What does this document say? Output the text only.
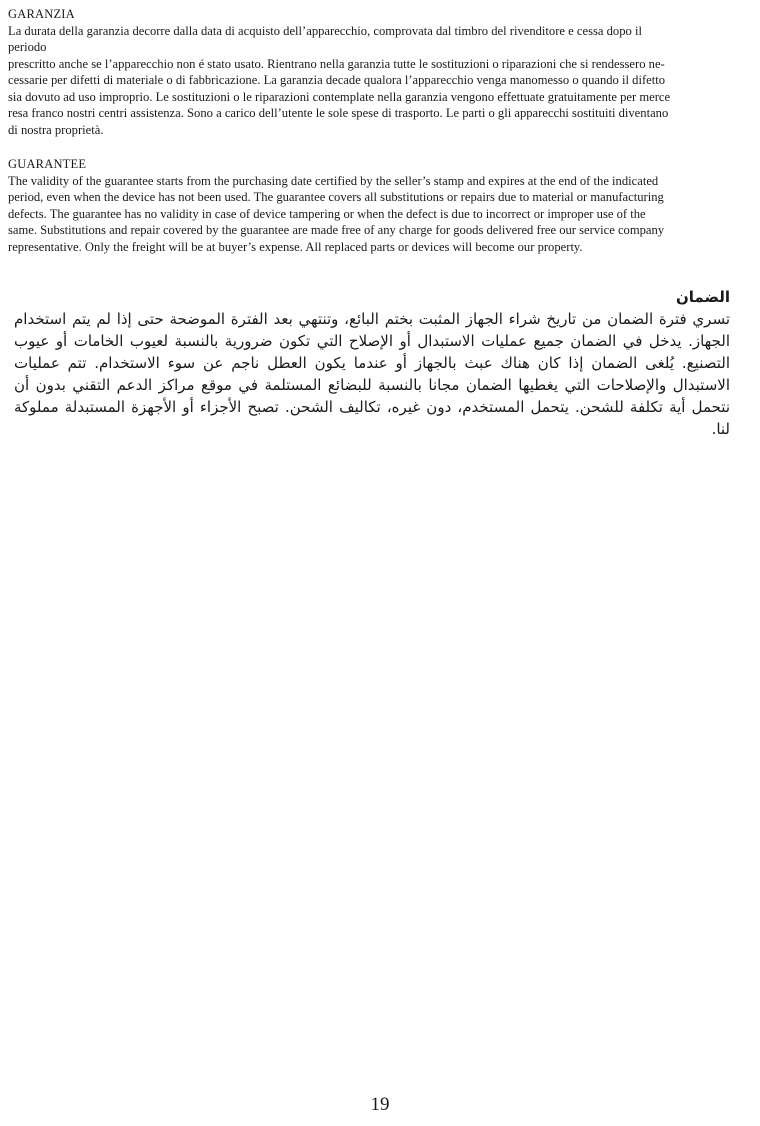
GARANZIA

La durata della garanzia decorre dalla data di acquisto dell’apparecchio, comprovata dal timbro del rivenditore e cessa dopo il
periodo
prescritto anche se l’apparecchio non é stato usato. Rientrano nella garanzia tutte le sostituzioni o riparazioni che si rendessero ne-
cessarie per difetti di materiale o di fabbricazione. La garanzia decade qualora l’apparecchio venga manomesso o quando il difetto
sia dovuto ad uso improprio. Le sostituzioni o le riparazioni contemplate nella garanzia vengono effettuate gratuitamente per merce
resa franco nostri centri assistenza. Sono a carico dell’utente le sole spese di trasporto. Le parti o gli apparecchi sostituiti diventano
di nostra proprietà.

GUARANTEE

The validity of the guarantee starts from the purchasing date certified by the seller’s stamp and expires at the end of the indicated
period, even when the device has not been used. The guarantee covers all substitutions or repairs due to material or manufacturing
defects. The guarantee has no validity in case of device tampering or when the defect is due to incorrect or improper use of the
same. Substitutions and repair covered by the guarantee are made free of any charge for goods delivered free our service company
representative. Only the freight will be at buyer’s expense. All replaced parts or devices will become our property.

الضمان

تسري فترة الضمان من تاريخ شراء الجهاز المثبت بختم البائع، وتنتهي بعد الفترة الموضحة حتى إذا لم يتم استخدام الجهاز. يدخل في الضمان جميع عمليات الاستبدال أو الإصلاح التي تكون ضرورية بالنسبة لعيوب الخامات أو عيوب التصنيع. يُلغى الضمان إذا كان هناك عبث بالجهاز أو عندما يكون العطل ناجم عن سوء الاستخدام. تتم عمليات الاستبدال والإصلاحات التي يغطيها الضمان مجانا بالنسبة للبضائع المستلمة في موقع مراكز الدعم التقني بدون أن نتحمل أية تكلفة للشحن. يتحمل المستخدم، دون غيره، تكاليف الشحن. تصبح الأجزاء أو الأجهزة المستبدلة مملوكة لنا.

19
